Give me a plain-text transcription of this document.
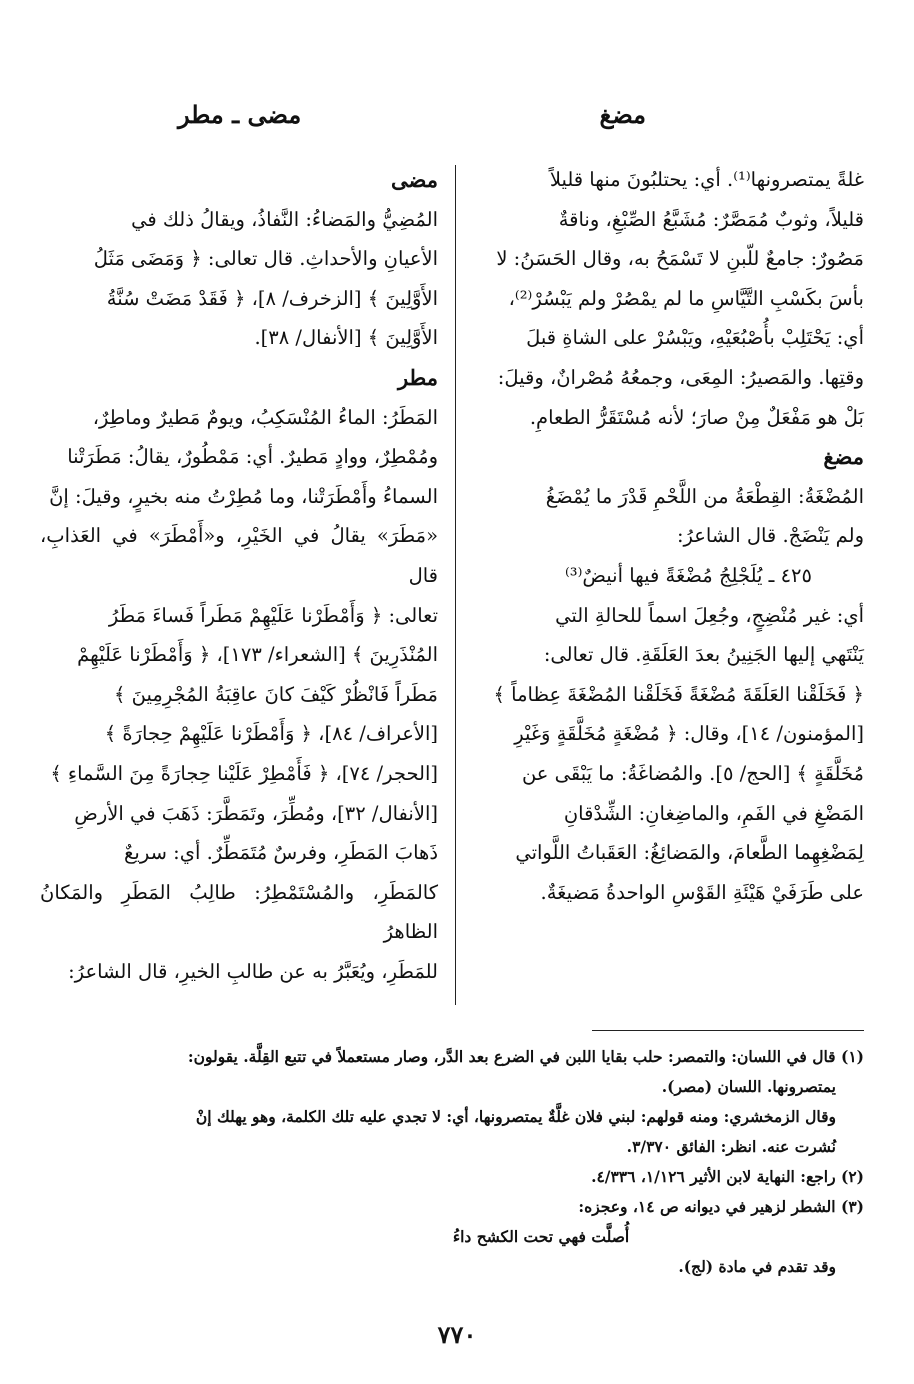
مضغ
مضى ـ مطر

غلةً يمتصرونها⁽¹⁾. أي: يحتلبُونَ منها قليلاً

قليلاً، وثوبٌ مُمَصَّرٌ: مُشَبَّعُ الصِّبْغِ، وناقةٌ

مَصُورٌ: جامعٌ للّبنِ لا تَسْمَحُ به، وقال الحَسَنُ: لا

بأسَ بكَسْبِ التَّيَّاسِ ما لم يمْصُرْ ولم يَبْسُرْ⁽²⁾،

أي: يَحْتَلِبْ بأُصْبُعَيْهِ، ويَبْسُرْ على الشاةِ قبلَ

وقتِها. والمَصيرُ: المِعَى، وجمعُهُ مُصْرانٌ، وقيلَ:

بَلْ هو مَفْعَلٌ مِنْ صارَ؛ لأنه مُسْتَقَرُّ الطعامِ.

مضغ

المُضْغَةُ: القِطْعَةُ من اللَّحْمِ قَدْرَ ما يُمْضَغُ

ولم يَنْضَجْ. قال الشاعرُ:

٤٢٥ ـ يُلَجْلِجُ مُضْغَةً فيها أنيضٌ⁽³⁾

أي: غير مُنْضِجٍ، وجُعِلَ اسماً للحالةِ التي

يَنْتَهي إليها الجَنِينُ بعدَ العَلَقَةِ. قال تعالى:

﴿ فَخَلَقْنا العَلَقَةَ مُضْغَةً فَخَلَقْنا المُضْغَةَ عِظاماً ﴾

[المؤمنون/ ١٤]، وقال: ﴿ مُضْغَةٍ مُخَلَّقَةٍ وَغَيْرِ

مُخَلَّقَةٍ ﴾ [الحج/ ٥]. والمُضاغَةُ: ما يَبْقَى عن

المَضْغِ في الفَمِ، والماضِغانِ: الشِّدْقانِ

لِمَضْغِهِما الطَّعامَ، والمَضائِغُ: العَقَباتُ اللَّواتي

على طَرَفَيْ هَيْئَةِ القَوْسِ الواحدةُ مَضيغَةٌ.

مضى

المُضِيُّ والمَضاءُ: النَّفاذُ، ويقالُ ذلك في

الأعيانِ والأحداثِ. قال تعالى: ﴿ وَمَضَى مَثَلُ

الأَوَّلِينَ ﴾ [الزخرف/ ٨]، ﴿ فَقَدْ مَضَتْ سُنَّةُ

الأَوَّلِينَ ﴾ [الأنفال/ ٣٨].

مطر

المَطَرُ: الماءُ المُنْسَكِبُ، ويومٌ مَطيرٌ وماطِرٌ،

ومُمْطِرٌ، ووادٍ مَطيرٌ. أي: مَمْطُورٌ، يقالُ: مَطَرَتْنا

السماءُ وأَمْطَرَتْنا، وما مُطِرْتُ منه بخيرٍ، وقيلَ: إنَّ

«مَطَرَ» يقالُ في الخَيْرِ، و«أَمْطَرَ» في العَذابِ، قال

تعالى: ﴿ وَأَمْطَرْنا عَلَيْهِمْ مَطَراً فَساءَ مَطَرُ

المُنْذَرِينَ ﴾ [الشعراء/ ١٧٣]، ﴿ وَأَمْطَرْنا عَلَيْهِمْ

مَطَراً فَانْظُرْ كَيْفَ كانَ عاقِبَةُ المُجْرِمِينَ ﴾

[الأعراف/ ٨٤]، ﴿ وَأَمْطَرْنا عَلَيْهِمْ حِجارَةً ﴾

[الحجر/ ٧٤]، ﴿ فَأَمْطِرْ عَلَيْنا حِجارَةً مِنَ السَّماءِ ﴾

[الأنفال/ ٣٢]، ومُطِّرَ، وتَمَطَّرَ: ذَهَبَ في الأرضِ

ذَهابَ المَطَرِ، وفرسٌ مُتَمَطِّرٌ. أي: سريعٌ

كالمَطَرِ، والمُسْتَمْطِرُ: طالِبُ المَطَرِ والمَكانُ الظاهرُ

للمَطَرِ، ويُعَبَّرُ به عن طالبِ الخيرِ، قال الشاعرُ:

(١) قال في اللسان: والتمصر: حلب بقايا اللبن في الضرع بعد الدَّر، وصار مستعملاً في تتبع القِلَّة. يقولون:

يمتصرونها. اللسان (مصر).

وقال الزمخشري: ومنه قولهم: لبني فلان غلَّةٌ يمتصرونها، أي: لا تجدي عليه تلك الكلمة، وهو يهلك إنْ

نُشرت عنه. انظر: الفائق ٣/٣٧٠.

(٢) راجع: النهاية لابن الأثير ١/١٢٦، ٤/٣٣٦.

(٣) الشطر لزهير في ديوانه ص ١٤، وعجزه:

أُصلَّت فهي تحت الكشح داءُ

وقد تقدم في مادة (لج).

٧٧٠
